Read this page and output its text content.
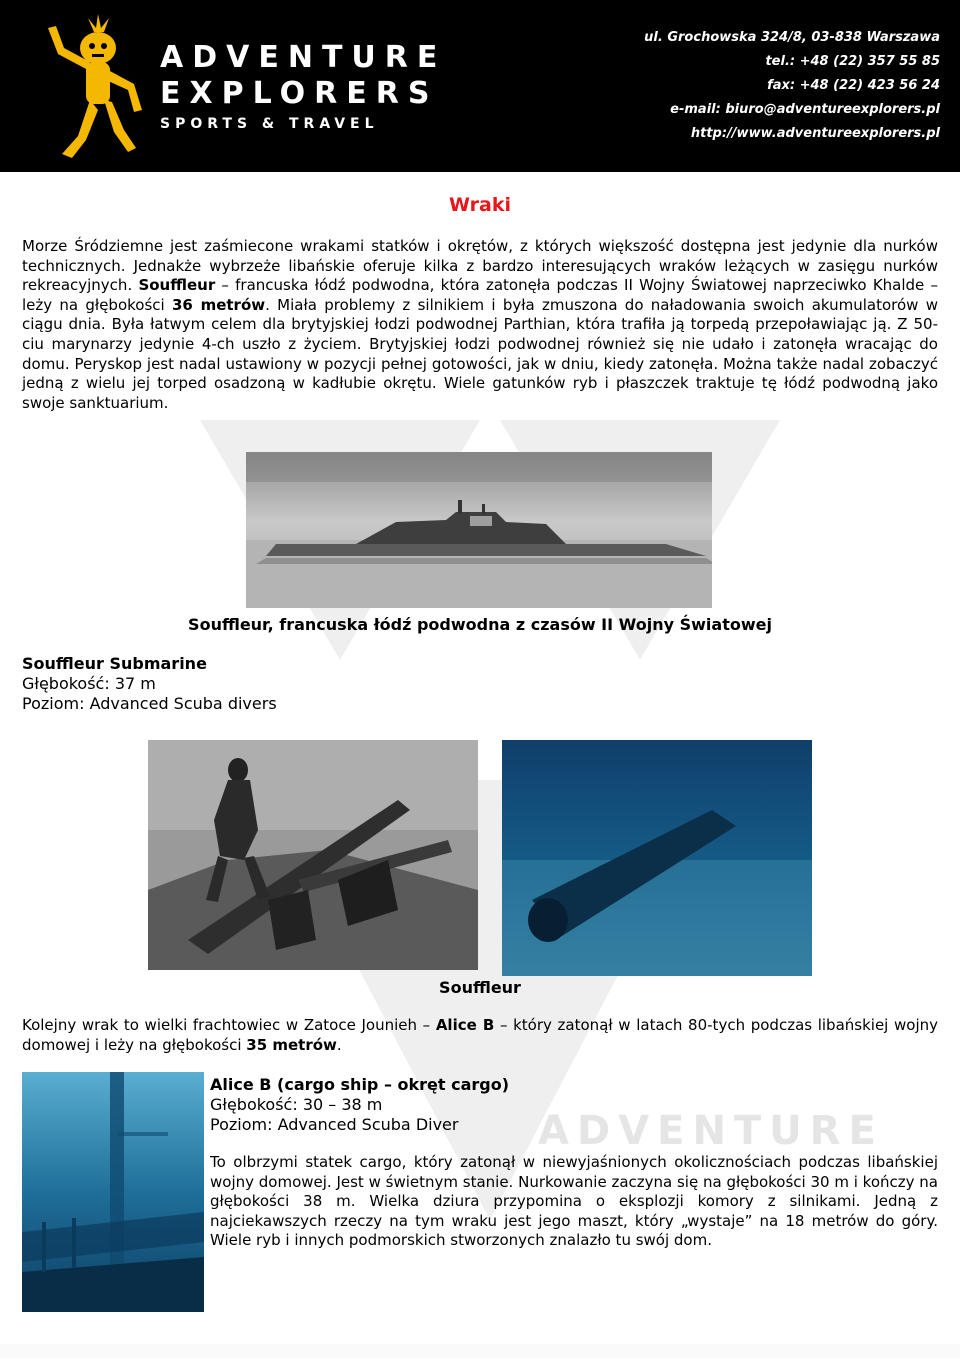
ADVENTURE
EXPLORERS
SPORTS & TRAVEL
ul. Grochowska 324/8, 03-838 Warszawa
tel.: +48 (22) 357 55 85
fax: +48 (22) 423 56 24
e-mail: biuro@adventureexplorers.pl
http://www.adventureexplorers.pl
ADVENTURE
Wraki
Morze Śródziemne jest zaśmiecone wrakami statków i okrętów, z których większość dostępna jest jedynie dla nurków technicznych. Jednakże wybrzeże libańskie oferuje kilka z bardzo interesujących wraków leżących w zasięgu nurków rekreacyjnych. Souffleur – francuska łódź podwodna, która zatonęła podczas II Wojny Światowej naprzeciwko Khalde – leży na głębokości 36 metrów. Miała problemy z silnikiem i była zmuszona do naładowania swoich akumulatorów w ciągu dnia. Była łatwym celem dla brytyjskiej łodzi podwodnej Parthian, która trafiła ją torpedą przepoławiając ją. Z 50-ciu marynarzy jedynie 4-ch uszło z życiem. Brytyjskiej łodzi podwodnej również się nie udało i zatonęła wracając do domu. Peryskop jest nadal ustawiony w pozycji pełnej gotowości, jak w dniu, kiedy zatonęła. Można także nadal zobaczyć jedną z wielu jej torped osadzoną w kadłubie okrętu. Wiele gatunków ryb i płaszczek traktuje tę łódź podwodną jako swoje sanktuarium.
Souffleur, francuska łódź podwodna z czasów II Wojny Światowej
Souffleur Submarine
Głębokość: 37 m
Poziom: Advanced Scuba divers
Souffleur
Kolejny wrak to wielki frachtowiec w Zatoce Jounieh – Alice B – który zatonął w latach 80-tych podczas libańskiej wojny domowej i leży na głębokości 35 metrów.
Alice B (cargo ship – okręt cargo)
Głębokość: 30 – 38 m
Poziom: Advanced Scuba Diver
To olbrzymi statek cargo, który zatonął w niewyjaśnionych okolicznościach podczas libańskiej wojny domowej. Jest w świetnym stanie. Nurkowanie zaczyna się na głębokości 30 m i kończy na głębokości 38 m. Wielka dziura przypomina o eksplozji komory z silnikami. Jedną z najciekawszych rzeczy na tym wraku jest jego maszt, który „wystaje” na 18 metrów do góry. Wiele ryb i innych podmorskich stworzonych znalazło tu swój dom.
